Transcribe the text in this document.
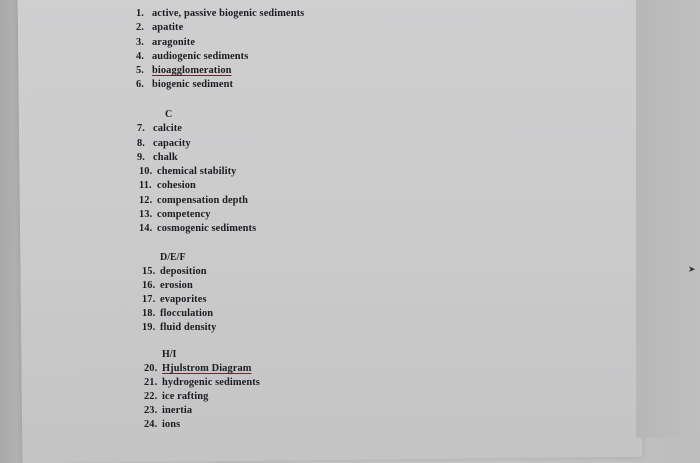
1. active, passive biogenic sediments
2. apatite
3. aragonite
4. audiogenic sediments
5. bioagglomeration
6. biogenic sediment
C
7. calcite
8. capacity
9. chalk
10. chemical stability
11. cohesion
12. compensation depth
13. competency
14. cosmogenic sediments
D/E/F
15. deposition
16. erosion
17. evaporites
18. flocculation
19. fluid density
H/I
20. Hjulstrom Diagram
21. hydrogenic sediments
22. ice rafting
23. inertia
24. ions
➤
